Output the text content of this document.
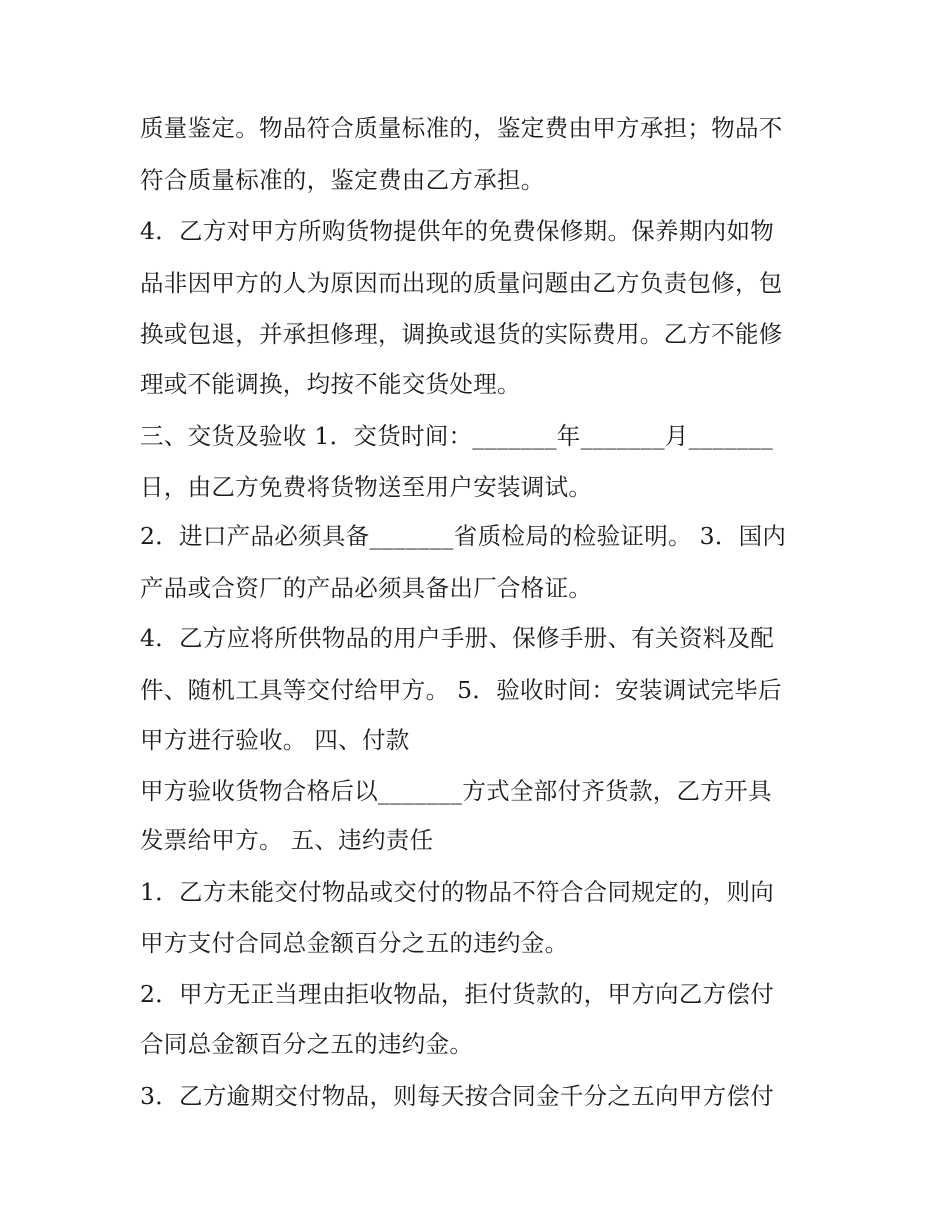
质量鉴定。物品符合质量标准的，鉴定费由甲方承担；物品不
符合质量标准的，鉴定费由乙方承担。
4．乙方对甲方所购货物提供年的免费保修期。保养期内如物
品非因甲方的人为原因而出现的质量问题由乙方负责包修，包
换或包退，并承担修理，调换或退货的实际费用。乙方不能修
理或不能调换，均按不能交货处理。
三、交货及验收 1．交货时间：_______年_______月_______
日，由乙方免费将货物送至用户安装调试。
2．进口产品必须具备_______省质检局的检验证明。 3．国内
产品或合资厂的产品必须具备出厂合格证。
4．乙方应将所供物品的用户手册、保修手册、有关资料及配
件、随机工具等交付给甲方。 5．验收时间：安装调试完毕后
甲方进行验收。 四、付款
甲方验收货物合格后以_______方式全部付齐货款，乙方开具
发票给甲方。 五、违约责任
1．乙方未能交付物品或交付的物品不符合合同规定的，则向
甲方支付合同总金额百分之五的违约金。
2．甲方无正当理由拒收物品，拒付货款的，甲方向乙方偿付
合同总金额百分之五的违约金。
3．乙方逾期交付物品，则每天按合同金千分之五向甲方偿付
